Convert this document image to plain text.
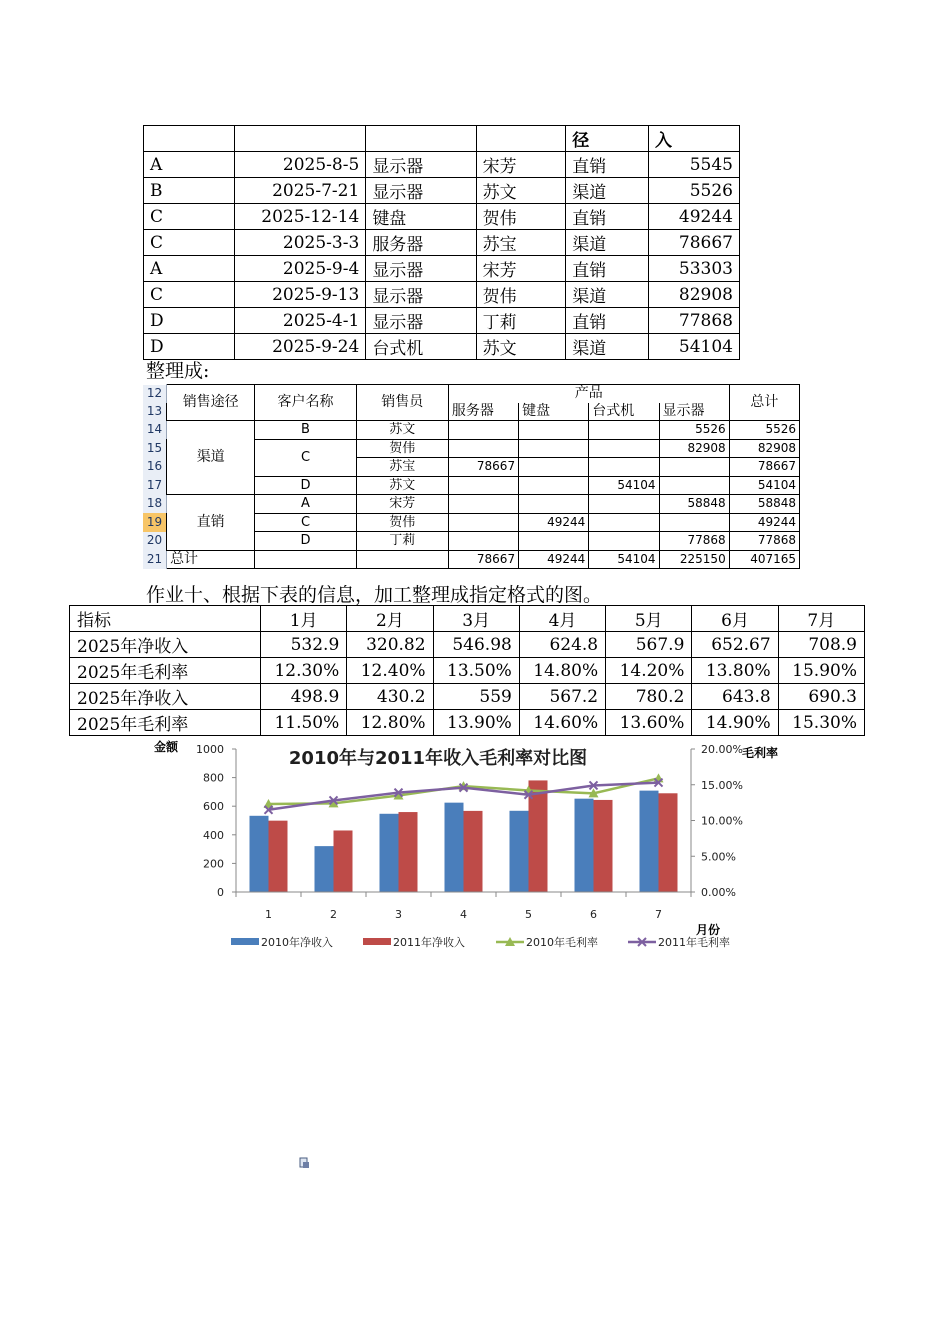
				径	入
A	2025-8-5	显示器	宋芳	直销	5545
B	2025-7-21	显示器	苏文	渠道	5526
C	2025-12-14	键盘	贺伟	直销	49244
C	2025-3-3	服务器	苏宝	渠道	78667
A	2025-9-4	显示器	宋芳	直销	53303
C	2025-9-13	显示器	贺伟	渠道	82908
D	2025-4-1	显示器	丁莉	直销	77868
D	2025-9-24	台式机	苏文	渠道	54104
整理成:
12	销售途径	客户名称	销售员	产品				总计
13				服务器	键盘	台式机	显示器	
14	渠道	B	苏文				5526	5526
15		C	贺伟				82908	82908
16			苏宝	78667				78667
17		D	苏文			54104		54104
18	直销	A	宋芳				58848	58848
19		C	贺伟		49244			49244
20		D	丁莉				77868	77868
21	总计			78667	49244	54104	225150	407165
作业十、根据下表的信息，加工整理成指定格式的图。
指标	1月	2月	3月	4月	5月	6月	7月
2025年净收入	532.9	320.82	546.98	624.8	567.9	652.67	708.9
2025年毛利率	12.30%	12.40%	13.50%	14.80%	14.20%	13.80%	15.90%
2025年净收入	498.9	430.2	559	567.2	780.2	643.8	690.3
2025年毛利率	11.50%	12.80%	13.90%	14.60%	13.60%	14.90%	15.30%
2010年与2011年收入毛利率对比图
金额	毛利率
月份
0
200
400
600
800
1000
0.00%
5.00%
10.00%
15.00%
20.00%
1	2	3	4	5	6	7
2010年净收入	2011年净收入	2010年毛利率	2011年毛利率
